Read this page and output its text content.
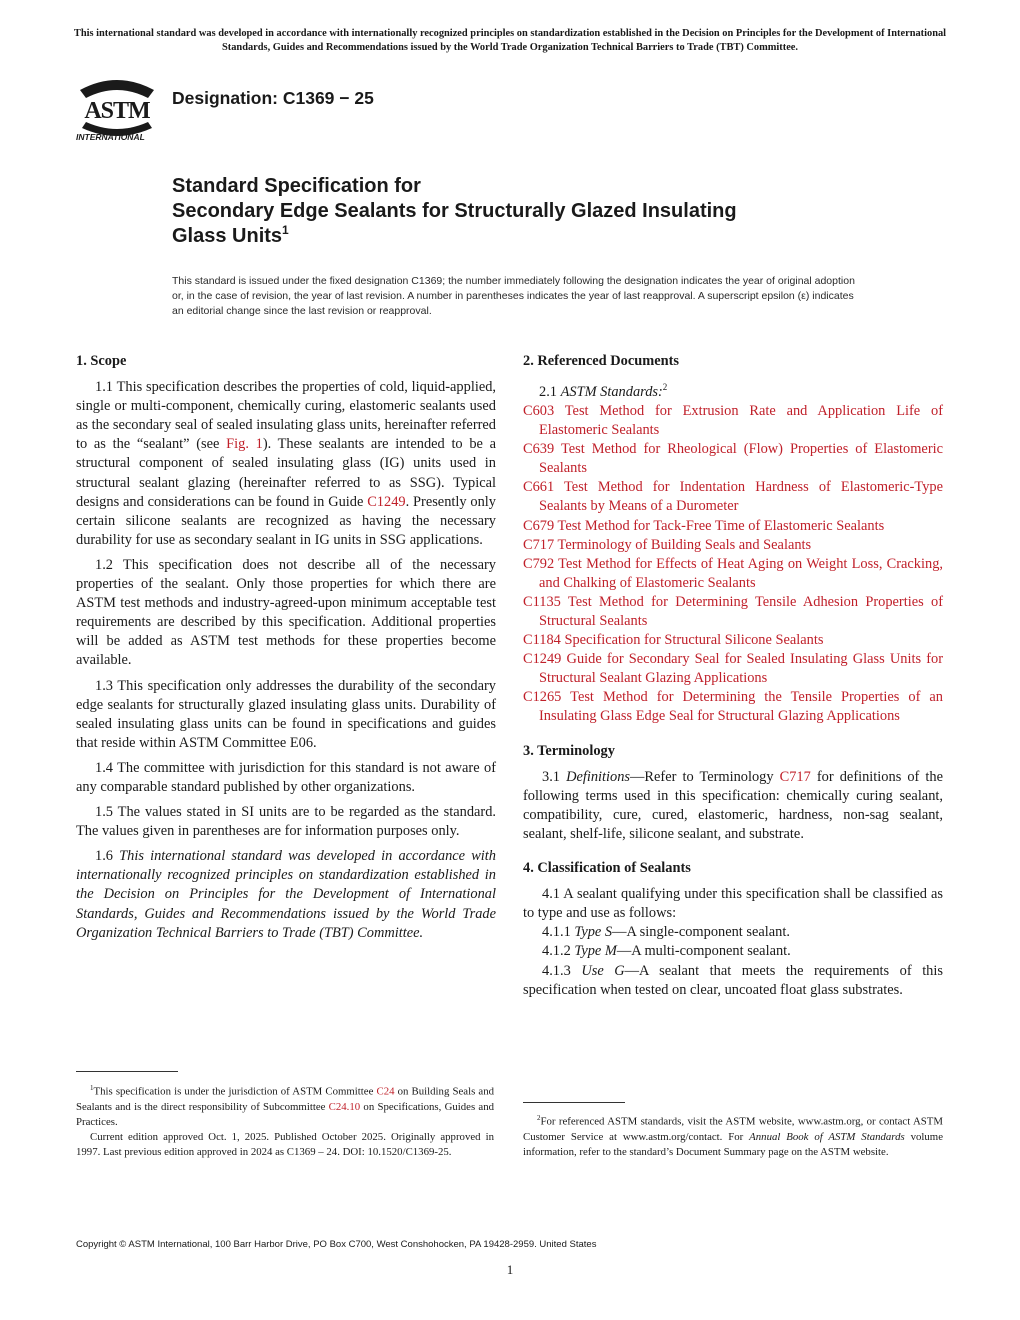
This international standard was developed in accordance with internationally recognized principles on standardization established in the Decision on Principles for the Development of International Standards, Guides and Recommendations issued by the World Trade Organization Technical Barriers to Trade (TBT) Committee.
ASTM
INTERNATIONAL
Designation: C1369 − 25
Standard Specification for
Secondary Edge Sealants for Structurally Glazed Insulating
Glass Units$^1$
This standard is issued under the fixed designation C1369; the number immediately following the designation indicates the year of original adoption or, in the case of revision, the year of last revision. A number in parentheses indicates the year of last reapproval. A superscript epsilon (ε) indicates an editorial change since the last revision or reapproval.

1. Scope

1.1 This specification describes the properties of cold, liquid-applied, single or multi-component, chemically curing, elastomeric sealants used as the secondary seal of sealed insulating glass units, hereinafter referred to as the “sealant” (see Fig. 1). These sealants are intended to be a structural component of sealed insulating glass (IG) units used in structural sealant glazing (hereinafter referred to as SSG). Typical designs and considerations can be found in Guide C1249. Presently only certain silicone sealants are recognized as having the necessary durability for use as secondary sealant in IG units in SSG applications.

1.2 This specification does not describe all of the necessary properties of the sealant. Only those properties for which there are ASTM test methods and industry-agreed-upon minimum acceptable test requirements are described by this specification. Additional properties will be added as ASTM test methods for these properties become available.

1.3 This specification only addresses the durability of the secondary edge sealants for structurally glazed insulating glass units. Durability of sealed insulating glass units can be found in specifications and guides that reside within ASTM Committee E06.

1.4 The committee with jurisdiction for this standard is not aware of any comparable standard published by other organizations.

1.5 The values stated in SI units are to be regarded as the standard. The values given in parentheses are for information purposes only.

1.6 This international standard was developed in accordance with internationally recognized principles on standardization established in the Decision on Principles for the Development of International Standards, Guides and Recommendations issued by the World Trade Organization Technical Barriers to Trade (TBT) Committee.

$^1$This specification is under the jurisdiction of ASTM Committee C24 on Building Seals and Sealants and is the direct responsibility of Subcommittee C24.10 on Specifications, Guides and Practices.

Current edition approved Oct. 1, 2025. Published October 2025. Originally approved in 1997. Last previous edition approved in 2024 as C1369 – 24. DOI: 10.1520/C1369-25.

2. Referenced Documents

2.1 ASTM Standards:$^2$

C603 Test Method for Extrusion Rate and Application Life of Elastomeric Sealants

C639 Test Method for Rheological (Flow) Properties of Elastomeric Sealants

C661 Test Method for Indentation Hardness of Elastomeric-Type Sealants by Means of a Durometer

C679 Test Method for Tack-Free Time of Elastomeric Sealants

C717 Terminology of Building Seals and Sealants

C792 Test Method for Effects of Heat Aging on Weight Loss, Cracking, and Chalking of Elastomeric Sealants

C1135 Test Method for Determining Tensile Adhesion Properties of Structural Sealants

C1184 Specification for Structural Silicone Sealants

C1249 Guide for Secondary Seal for Sealed Insulating Glass Units for Structural Sealant Glazing Applications

C1265 Test Method for Determining the Tensile Properties of an Insulating Glass Edge Seal for Structural Glazing Applications

3. Terminology

3.1 Definitions—Refer to Terminology C717 for definitions of the following terms used in this specification: chemically curing sealant, compatibility, cure, cured, elastomeric, hardness, non-sag sealant, sealant, shelf-life, silicone sealant, and substrate.

4. Classification of Sealants

4.1 A sealant qualifying under this specification shall be classified as to type and use as follows:

4.1.1 Type S—A single-component sealant.

4.1.2 Type M—A multi-component sealant.

4.1.3 Use G—A sealant that meets the requirements of this specification when tested on clear, uncoated float glass substrates.

$^2$For referenced ASTM standards, visit the ASTM website, www.astm.org, or contact ASTM Customer Service at www.astm.org/contact. For Annual Book of ASTM Standards volume information, refer to the standard’s Document Summary page on the ASTM website.

Copyright © ASTM International, 100 Barr Harbor Drive, PO Box C700, West Conshohocken, PA 19428-2959. United States
1
